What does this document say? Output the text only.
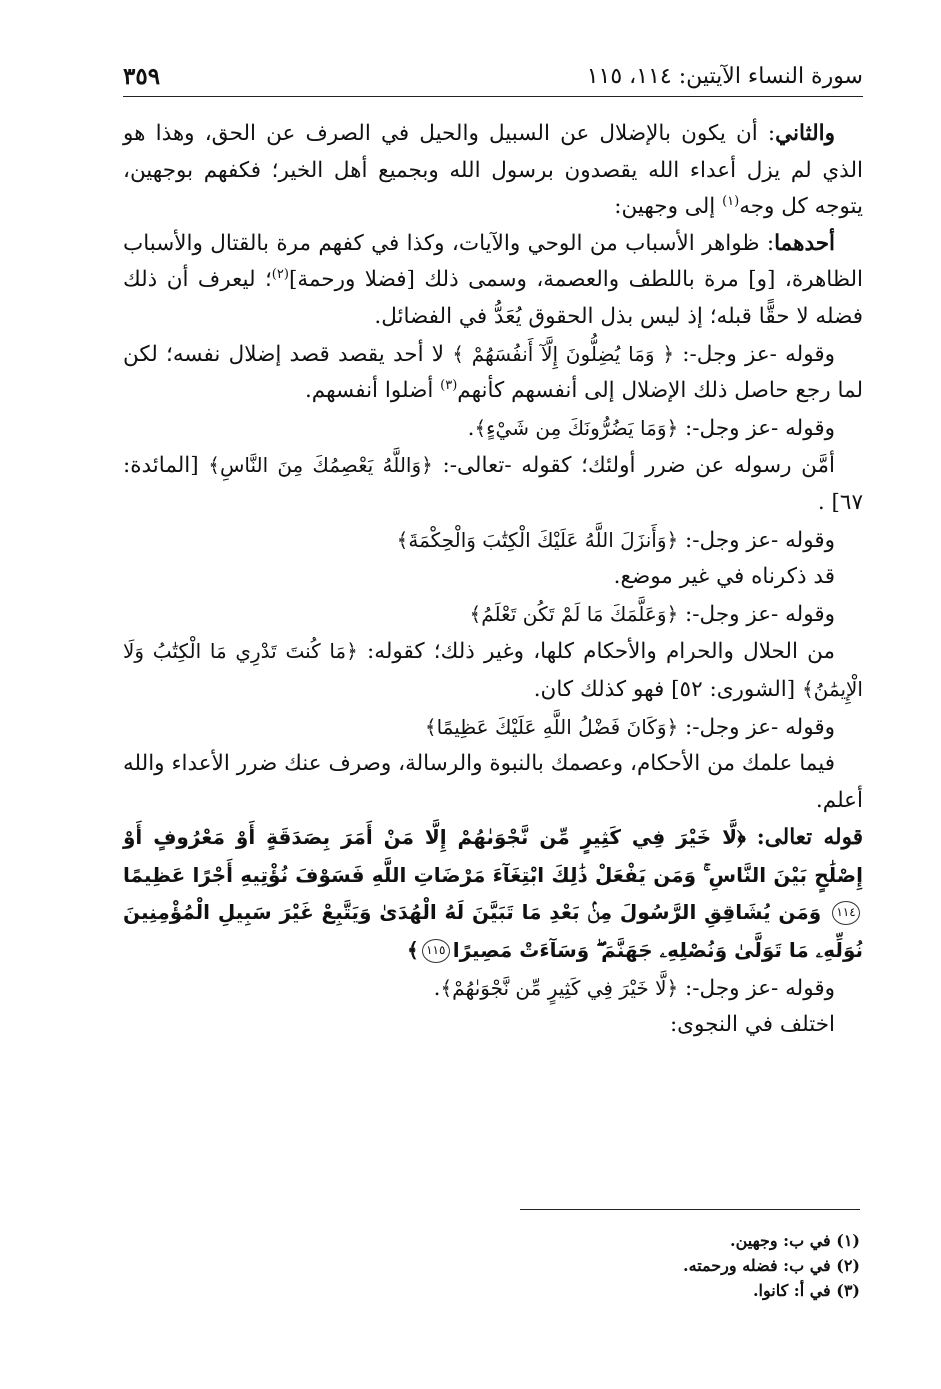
سورة النساء الآيتين: ١١٤، ١١٥
٣٥٩

والثاني: أن يكون بالإضلال عن السبيل والحيل في الصرف عن الحق، وهذا هو الذي لم يزل أعداء الله يقصدون برسول الله وبجميع أهل الخير؛ فكفهم بوجهين، يتوجه كل وجه$^{(١)}$ إلى وجهين:

أحدهما: ظواهر الأسباب من الوحي والآيات، وكذا في كفهم مرة بالقتال والأسباب الظاهرة، [و] مرة باللطف والعصمة، وسمى ذلك [فضلا ورحمة]$^{(٢)}$؛ ليعرف أن ذلك فضله لا حقًّا قبله؛ إذ ليس بذل الحقوق يُعَدُّ في الفضائل.

وقوله -عز وجل-: ﴿ وَمَا يُضِلُّونَ إِلَّآ أَنفُسَهُمْ ﴾ لا أحد يقصد قصد إضلال نفسه؛ لكن لما رجع حاصل ذلك الإضلال إلى أنفسهم كأنهم$^{(٣)}$ أضلوا أنفسهم.

وقوله -عز وجل-: ﴿وَمَا يَضُرُّونَكَ مِن شَيْءٍ﴾.

أمَّن رسوله عن ضرر أولئك؛ كقوله -تعالى-: ﴿وَاللَّهُ يَعْصِمُكَ مِنَ النَّاسِ﴾ [المائدة: ٦٧] .

وقوله -عز وجل-: ﴿وَأَنزَلَ اللَّهُ عَلَيْكَ الْكِتَٰبَ وَالْحِكْمَةَ﴾

قد ذكرناه في غير موضع.

وقوله -عز وجل-: ﴿وَعَلَّمَكَ مَا لَمْ تَكُن تَعْلَمُ﴾

من الحلال والحرام والأحكام كلها، وغير ذلك؛ كقوله: ﴿مَا كُنتَ تَدْرِي مَا الْكِتَٰبُ وَلَا الْإِيمَٰنُ﴾ [الشورى: ٥٢] فهو كذلك كان.

وقوله -عز وجل-: ﴿وَكَانَ فَضْلُ اللَّهِ عَلَيْكَ عَظِيمًا﴾

فيما علمك من الأحكام، وعصمك بالنبوة والرسالة، وصرف عنك ضرر الأعداء والله أعلم.

قوله تعالى: ﴿لَّا خَيْرَ فِي كَثِيرٍ مِّن نَّجْوَىٰهُمْ إِلَّا مَنْ أَمَرَ بِصَدَقَةٍ أَوْ مَعْرُوفٍ أَوْ إِصْلَٰحٍ بَيْنَ النَّاسِ ۚ وَمَن يَفْعَلْ ذَٰلِكَ ابْتِغَآءَ مَرْضَاتِ اللَّهِ فَسَوْفَ نُؤْتِيهِ أَجْرًا عَظِيمًا١١٤ وَمَن يُشَاقِقِ الرَّسُولَ مِنۢ بَعْدِ مَا تَبَيَّنَ لَهُ الْهُدَىٰ وَيَتَّبِعْ غَيْرَ سَبِيلِ الْمُؤْمِنِينَ نُوَلِّهِۦ مَا تَوَلَّىٰ وَنُصْلِهِۦ جَهَنَّمَ ۖ وَسَآءَتْ مَصِيرًا١١٥﴾

وقوله -عز وجل-: ﴿لَّا خَيْرَ فِي كَثِيرٍ مِّن نَّجْوَىٰهُمْ﴾.

اختلف في النجوى:

(١) في ب: وجهين.
(٢) في ب: فضله ورحمته.
(٣) في أ: كانوا.
